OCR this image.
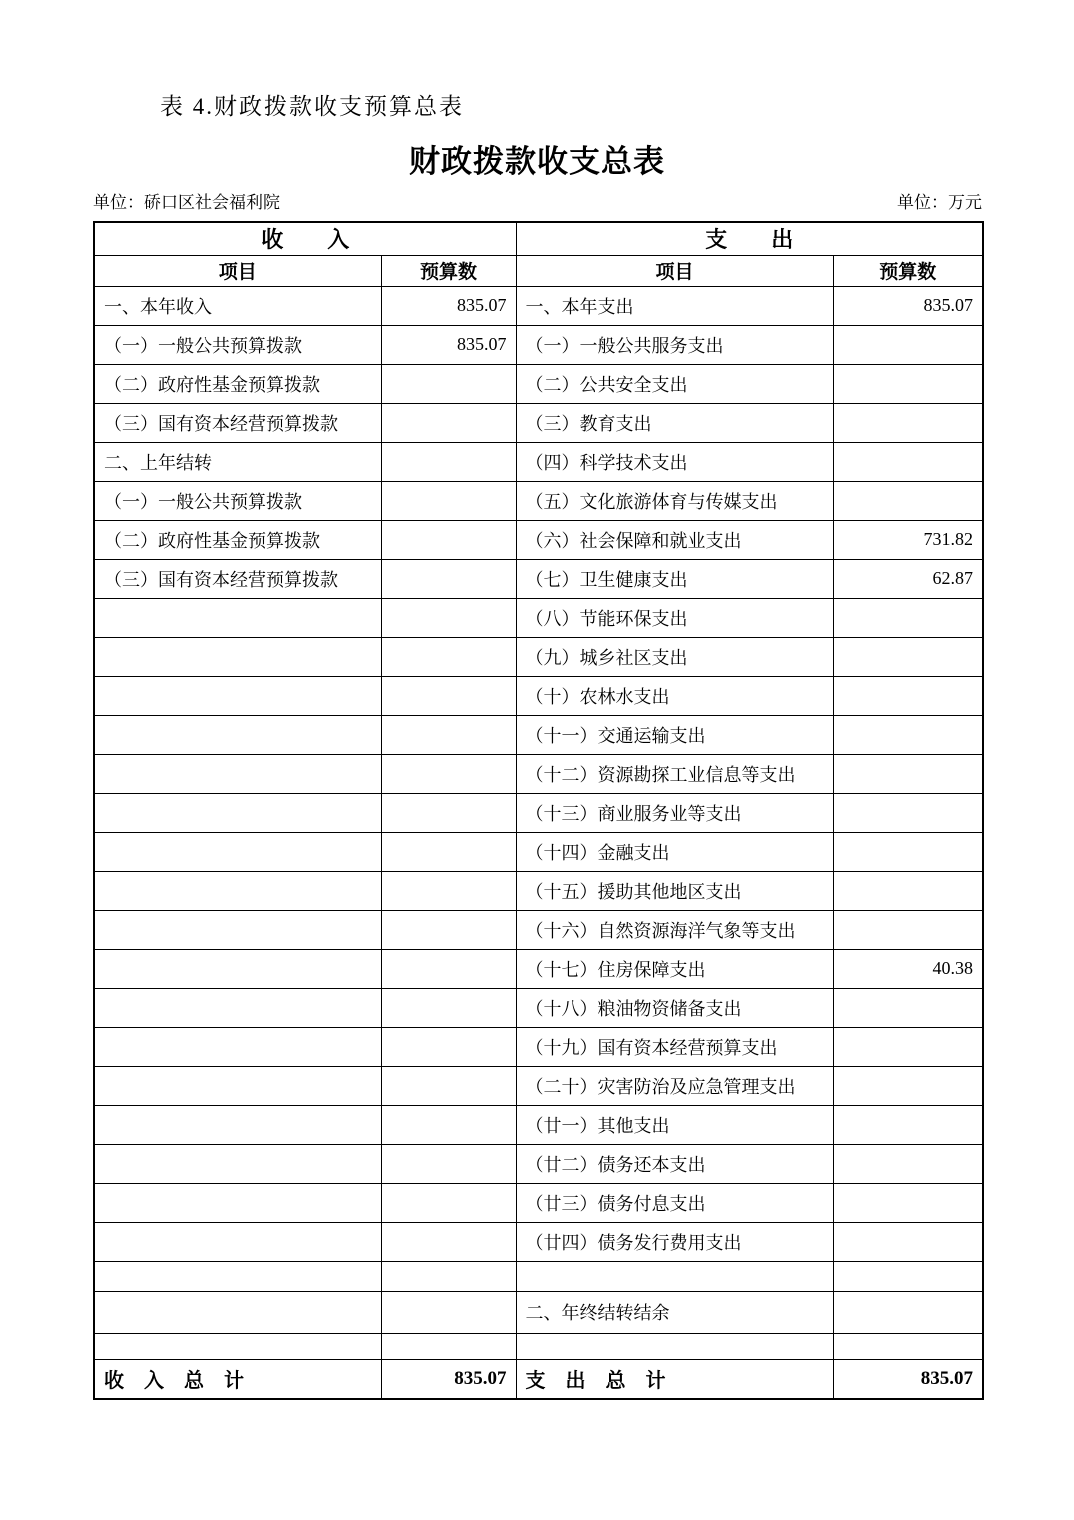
表 4.财政拨款收支预算总表
财政拨款收支总表
单位：硚口区社会福利院	单位：万元
收　　入		支　　出	
项目	预算数	项目	预算数
一、本年收入	835.07	一、本年支出	835.07
（一）一般公共预算拨款	835.07	（一）一般公共服务支出	
（二）政府性基金预算拨款		（二）公共安全支出	
（三）国有资本经营预算拨款		（三）教育支出	
二、上年结转		（四）科学技术支出	
（一）一般公共预算拨款		（五）文化旅游体育与传媒支出	
（二）政府性基金预算拨款		（六）社会保障和就业支出	731.82
（三）国有资本经营预算拨款		（七）卫生健康支出	62.87
		（八）节能环保支出	
		（九）城乡社区支出	
		（十）农林水支出	
		（十一）交通运输支出	
		（十二）资源勘探工业信息等支出	
		（十三）商业服务业等支出	
		（十四）金融支出	
		（十五）援助其他地区支出	
		（十六）自然资源海洋气象等支出	
		（十七）住房保障支出	40.38
		（十八）粮油物资储备支出	
		（十九）国有资本经营预算支出	
		（二十）灾害防治及应急管理支出	
		（廿一）其他支出	
		（廿二）债务还本支出	
		（廿三）债务付息支出	
		（廿四）债务发行费用支出	

		二、年终结转结余	

收　入　总　计	835.07	支　出　总　计	835.07
